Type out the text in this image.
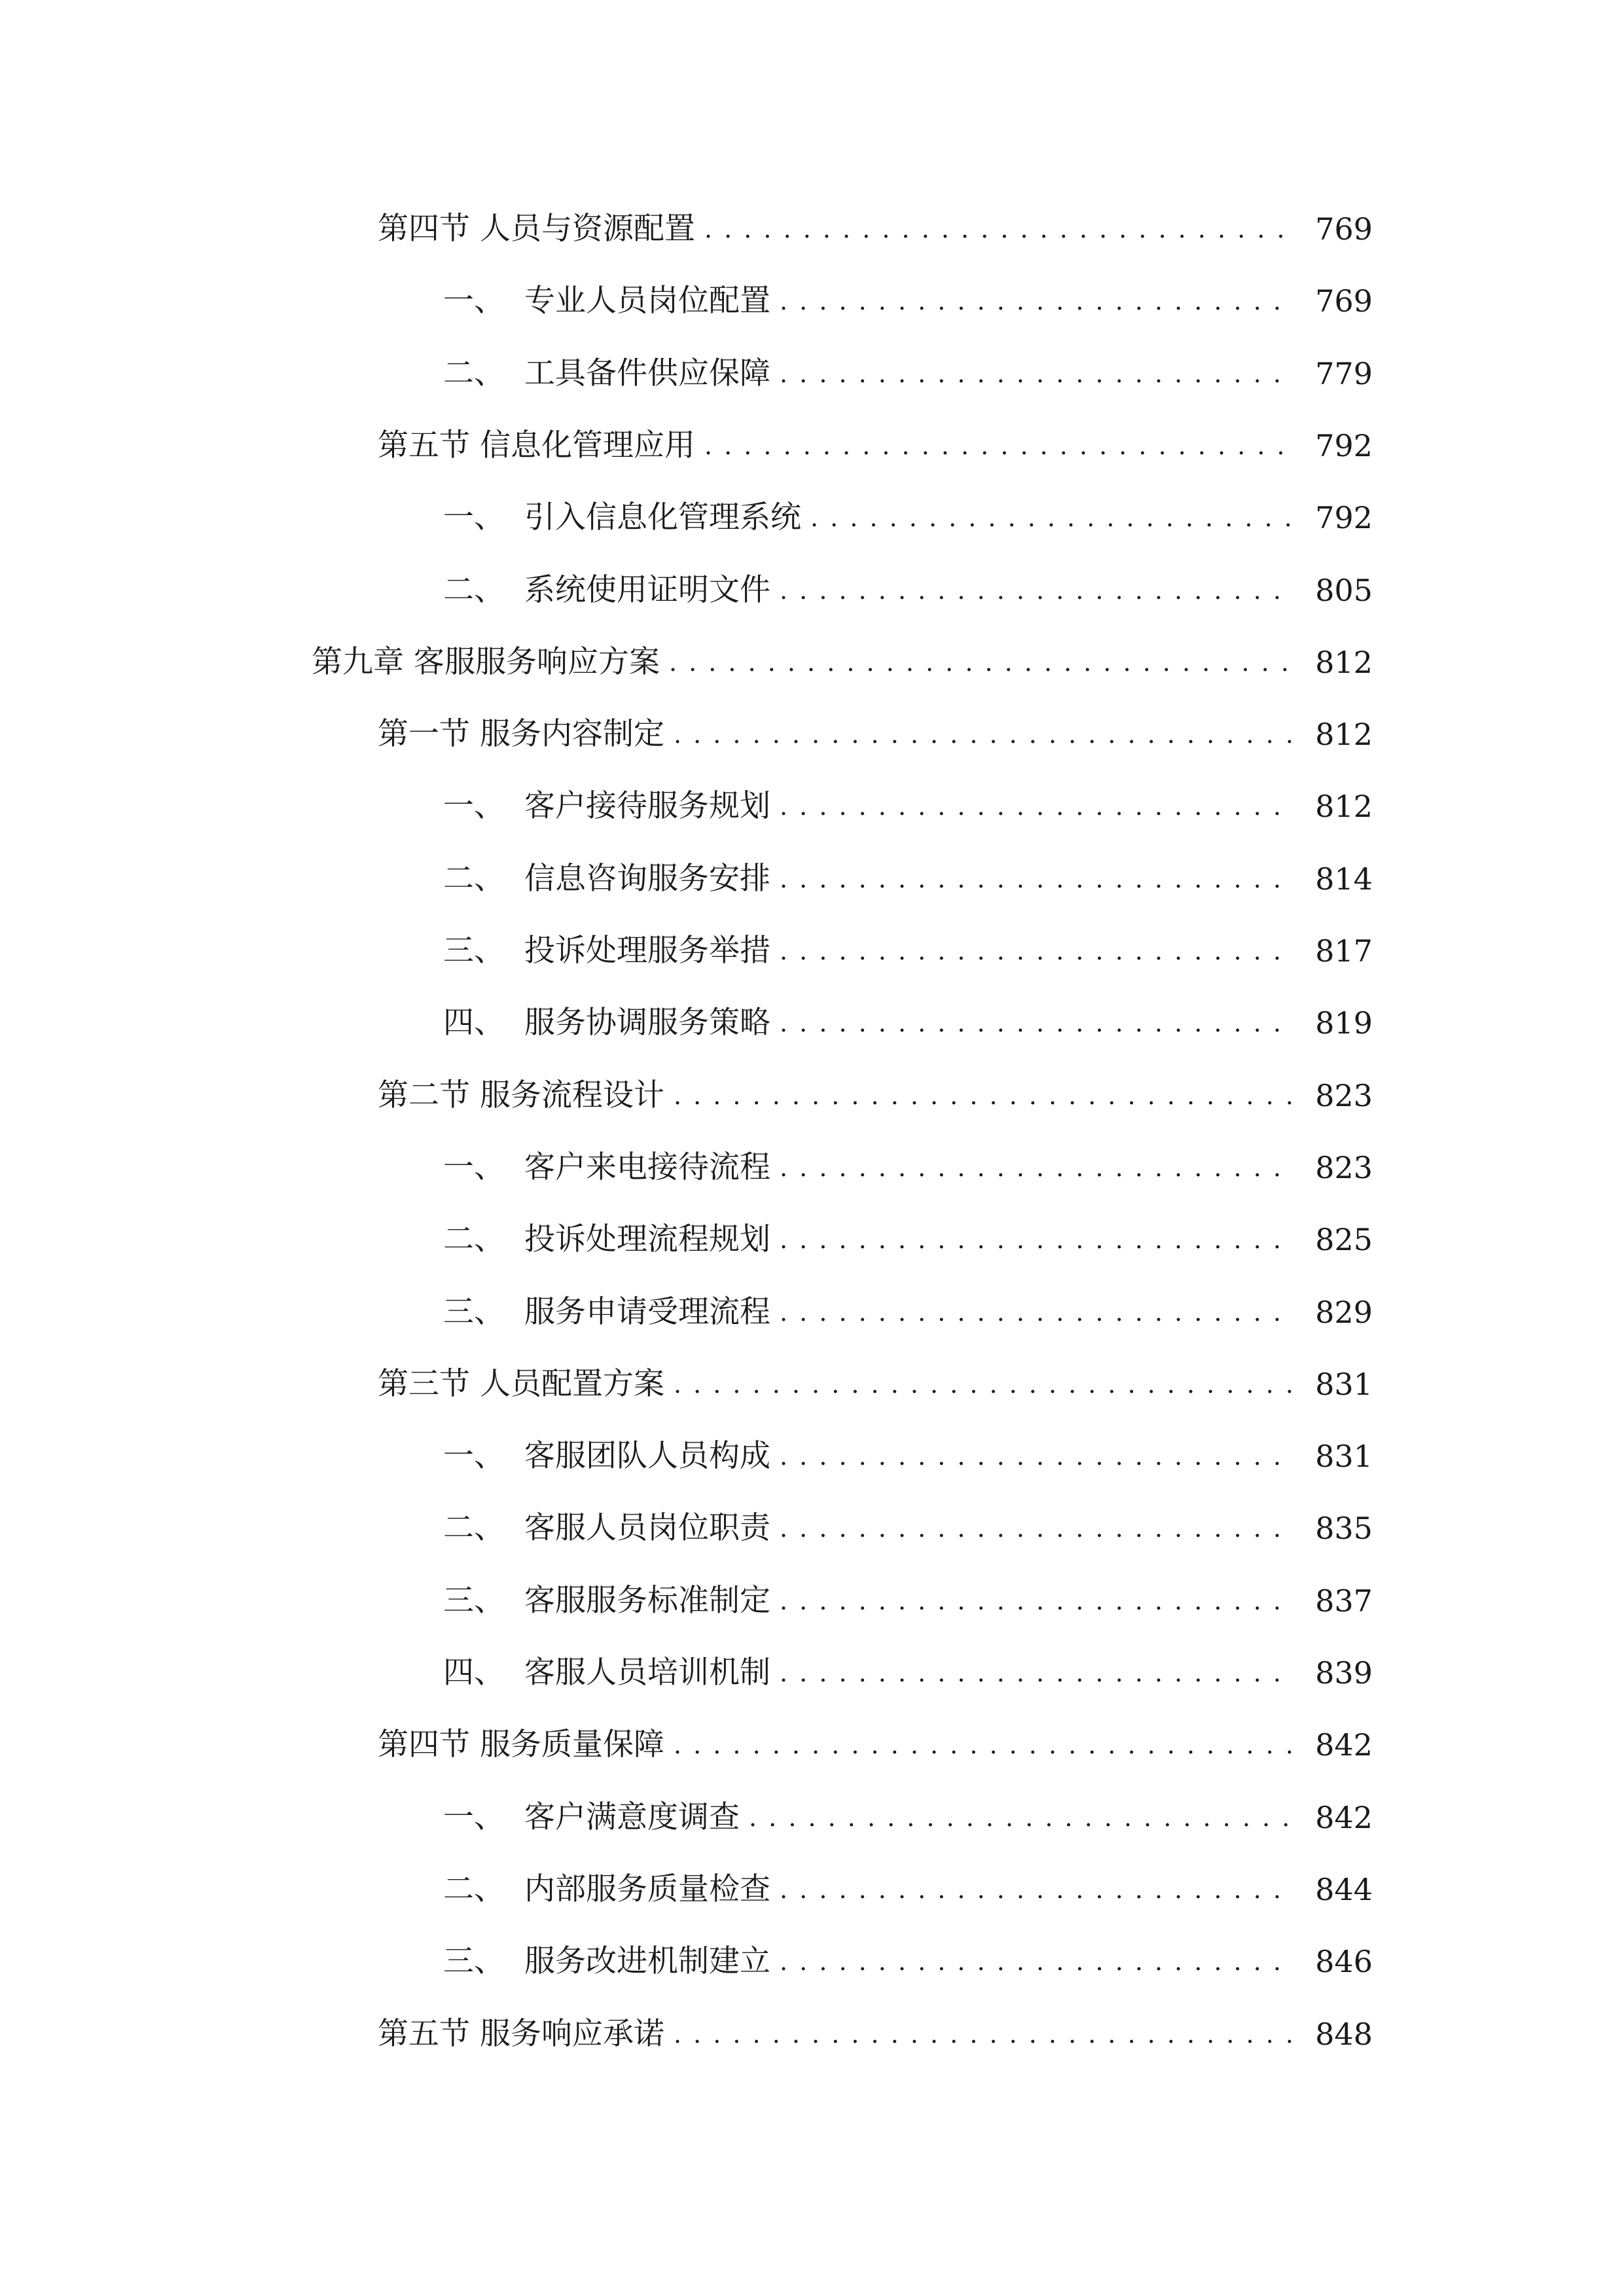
第四节 人员与资源配置 . . .	769
一、 专业人员岗位配置 . . .	769
二、 工具备件供应保障 . . .	779
第五节 信息化管理应用 . . .	792
一、 引入信息化管理系统 . . .	792
二、 系统使用证明文件 . . .	805
第九章 客服服务响应方案 . . .	812
第一节 服务内容制定 . . .	812
一、 客户接待服务规划 . . .	812
二、 信息咨询服务安排 . . .	814
三、 投诉处理服务举措 . . .	817
四、 服务协调服务策略 . . .	819
第二节 服务流程设计 . . .	823
一、 客户来电接待流程 . . .	823
二、 投诉处理流程规划 . . .	825
三、 服务申请受理流程 . . .	829
第三节 人员配置方案 . . .	831
一、 客服团队人员构成 . . .	831
二、 客服人员岗位职责 . . .	835
三、 客服服务标准制定 . . .	837
四、 客服人员培训机制 . . .	839
第四节 服务质量保障 . . .	842
一、 客户满意度调查 . . .	842
二、 内部服务质量检查 . . .	844
三、 服务改进机制建立 . . .	846
第五节 服务响应承诺 . . .	848
